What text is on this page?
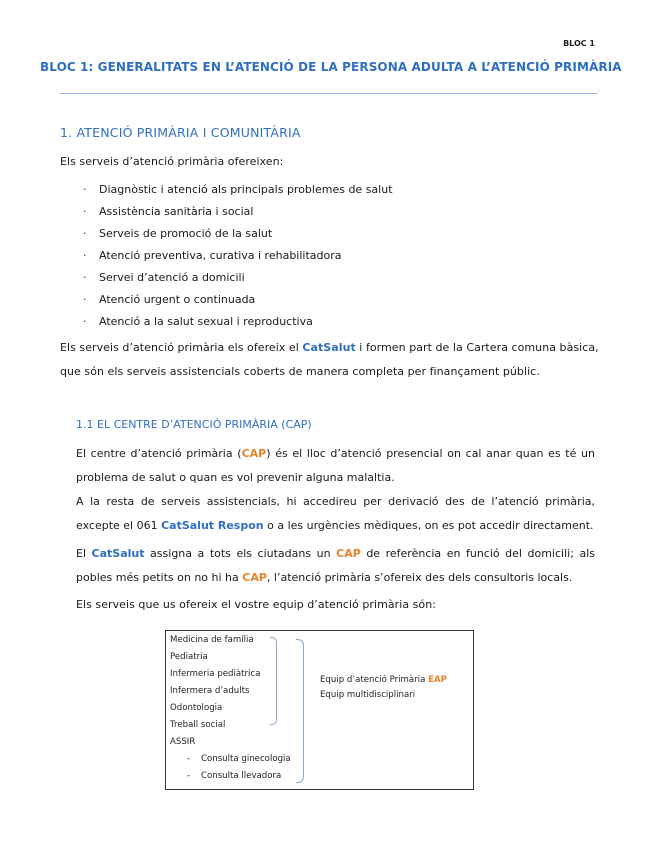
BLOC 1
BLOC 1: GENERALITATS EN L’ATENCIÓ DE LA PERSONA ADULTA A L’ATENCIÓ PRIMÀRIA
1. ATENCIÓ PRIMÀRIA I COMUNITÀRIA
Els serveis d’atenció primària ofereixen:
· Diagnòstic i atenció als principals problemes de salut
· Assistència sanitària i social
· Serveis de promoció de la salut
· Atenció preventiva, curativa i rehabilitadora
· Servei d’atenció a domicili
· Atenció urgent o continuada
· Atenció a la salut sexual i reproductiva
Els serveis d’atenció primària els ofereix el CatSalut i formen part de la Cartera comuna bàsica,
que són els serveis assistencials coberts de manera completa per finançament públic.
1.1 EL CENTRE D’ATENCIÓ PRIMÀRIA (CAP)
El centre d’atenció primària (CAP) és el lloc d’atenció presencial on cal anar quan es té un
problema de salut o quan es vol prevenir alguna malaltia.
A la resta de serveis assistencials, hi accedireu per derivació des de l’atenció primària,
excepte el 061 CatSalut Respon o a les urgències mèdiques, on es pot accedir directament.
El CatSalut assigna a tots els ciutadans un CAP de referència en funció del domicili; als
pobles més petits on no hi ha CAP, l’atenció primària s’ofereix des dels consultoris locals.
Els serveis que us ofereix el vostre equip d’atenció primària són:
Medicina de família
Pediatria
Infermeria pediàtrica
Infermera d’adults
Odontologia
Treball social
ASSIR
- Consulta ginecologia
- Consulta llevadora
Equip d’atenció Primària EAP
Equip multidisciplinari
